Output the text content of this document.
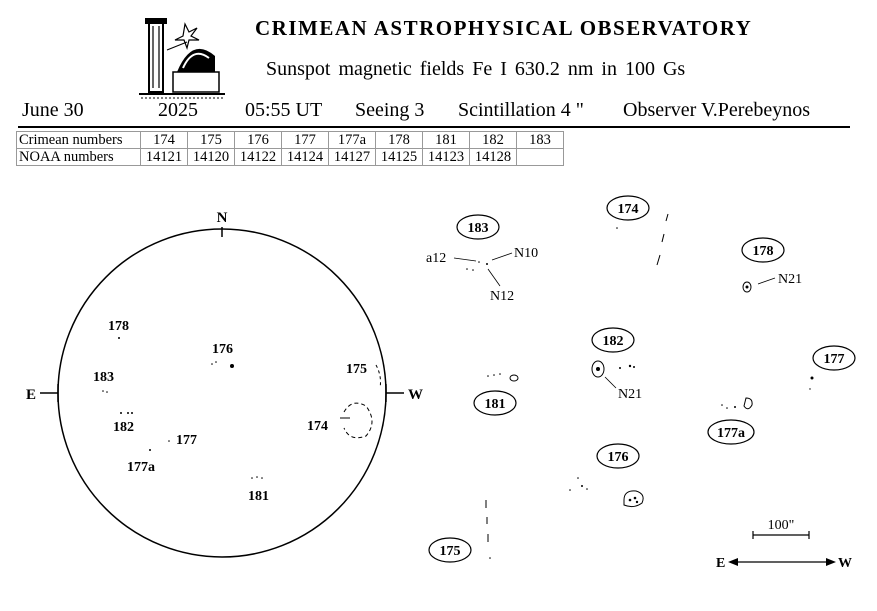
CRIMEAN ASTROPHYSICAL OBSERVATORY
Sunspot magnetic fields Fe I 630.2 nm in 100 Gs
June 30	2025 05:55 UT Seeing 3 Scintillation 4 " Observer V.Perebeynos
Crimean numbers	174	175	176	177	177a	178	181	182	183
NOAA numbers	14121	14120	14122	14124	14127	14125	14123	14128	
N
E	W
178
176
183
175
182
177
177a
174
181
183
a12	N10
N12
174
178
N21
182
N21
177
181
177a
176
175
100"
E	W
